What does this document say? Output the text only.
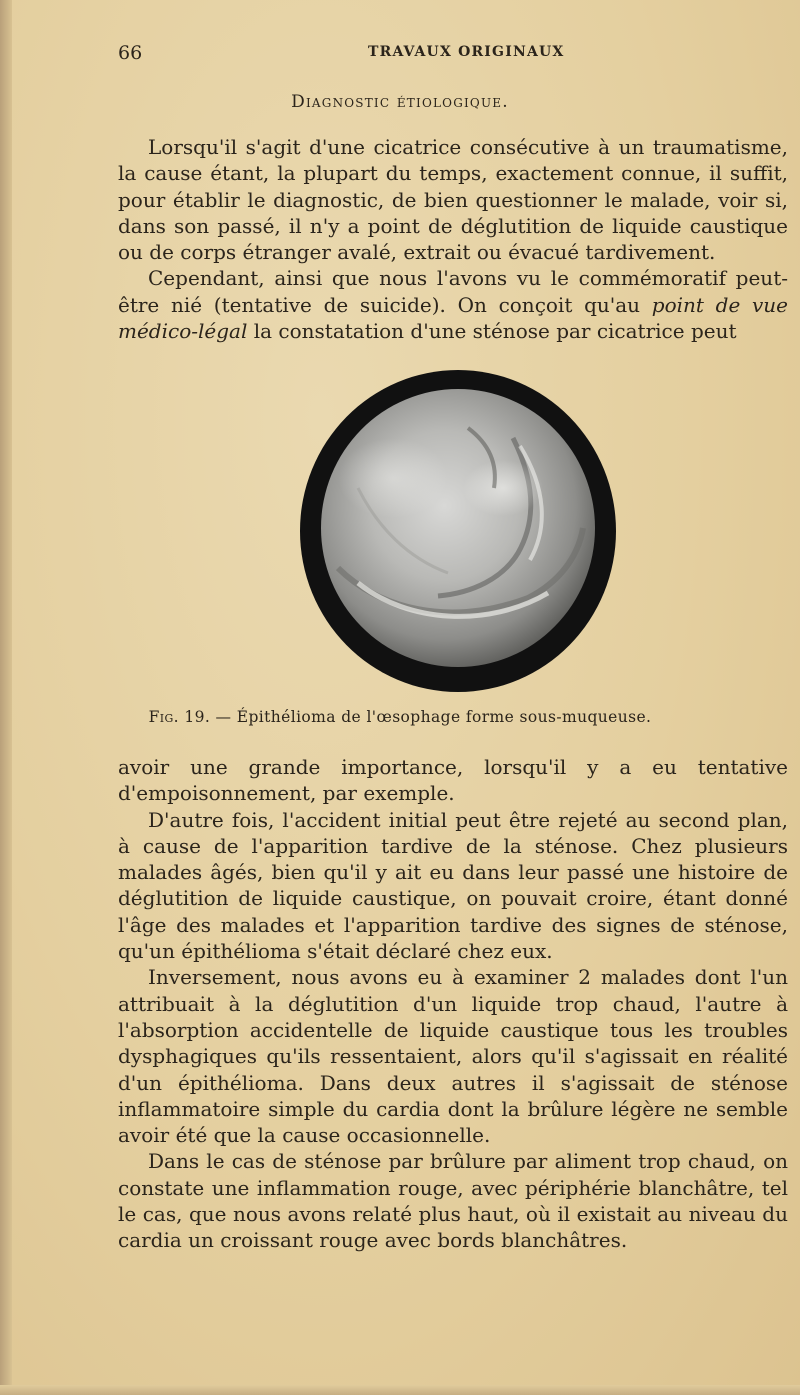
66	TRAVAUX ORIGINAUX
Diagnostic étiologique.

Lorsqu'il s'agit d'une cicatrice consécutive à un traumatisme, la cause étant, la plupart du temps, exactement connue, il suffit, pour établir le diagnostic, de bien questionner le malade, voir si, dans son passé, il n'y a point de déglutition de liquide caustique ou de corps étranger avalé, extrait ou évacué tardivement.

Cependant, ainsi que nous l'avons vu le commémoratif peut-être nié (tentative de suicide). On conçoit qu'au point de vue médico-légal la constatation d'une sténose par cicatrice peut

Fig. 19. — Épithélioma de l'œsophage forme sous-muqueuse.

avoir une grande importance, lorsqu'il y a eu tentative d'empoisonnement, par exemple.

D'autre fois, l'accident initial peut être rejeté au second plan, à cause de l'apparition tardive de la sténose. Chez plusieurs malades âgés, bien qu'il y ait eu dans leur passé une histoire de déglutition de liquide caustique, on pouvait croire, étant donné l'âge des malades et l'apparition tardive des signes de sténose, qu'un épithélioma s'était déclaré chez eux.

Inversement, nous avons eu à examiner 2 malades dont l'un attribuait à la déglutition d'un liquide trop chaud, l'autre à l'absorption accidentelle de liquide caustique tous les troubles dysphagiques qu'ils ressentaient, alors qu'il s'agissait en réalité d'un épithélioma. Dans deux autres il s'agissait de sténose inflammatoire simple du cardia dont la brûlure légère ne semble avoir été que la cause occasionnelle.

Dans le cas de sténose par brûlure par aliment trop chaud, on constate une inflammation rouge, avec périphérie blanchâtre, tel le cas, que nous avons relaté plus haut, où il existait au niveau du cardia un croissant rouge avec bords blanchâtres.
